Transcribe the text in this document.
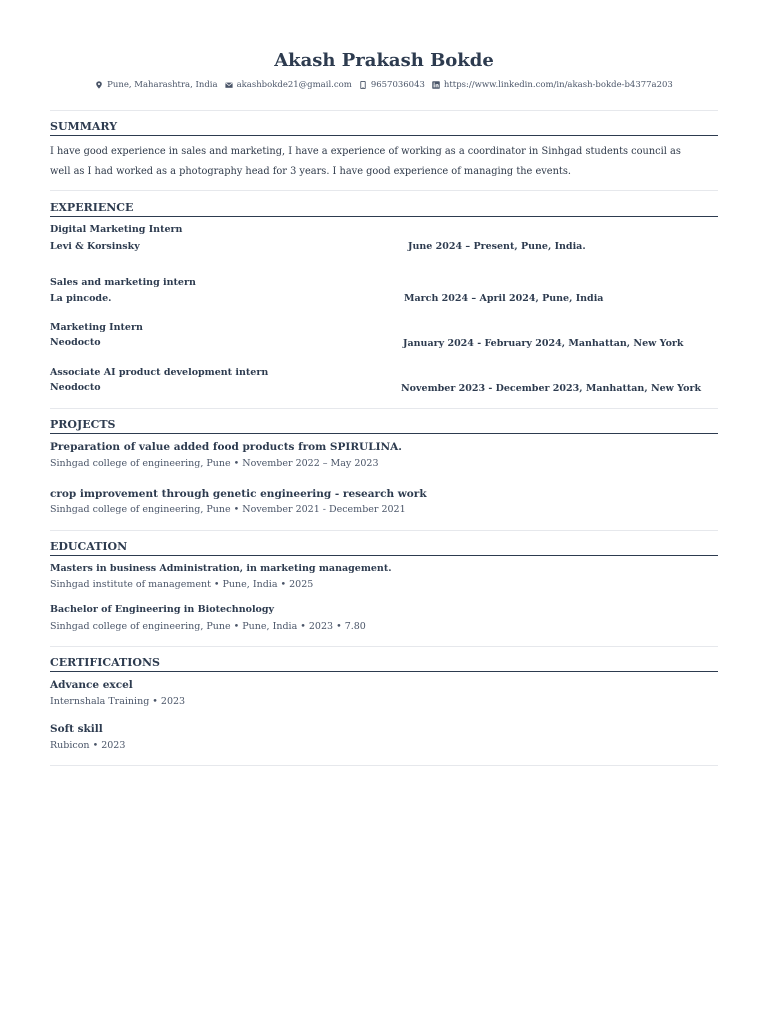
Akash Prakash Bokde
Pune, Maharashtra, India akashbokde21@gmail.com 9657036043 https://www.linkedin.com/in/akash-bokde-b4377a203
SUMMARY

I have good experience in sales and marketing, I have a experience of working as a coordinator in Sinhgad students council as well as I had worked as a photography head for 3 years. I have good experience of managing the events.

EXPERIENCE
Digital Marketing Intern
Levi & Korsinsky	June 2024 – Present, Pune, India.
Sales and marketing intern
La pincode.	March 2024 – April 2024, Pune, India
Marketing Intern
Neodocto	January 2024 - February 2024, Manhattan, New York
Associate AI product development intern
Neodocto	November 2023 - December 2023, Manhattan, New York
PROJECTS
Preparation of value added food products from SPIRULINA.
Sinhgad college of engineering, Pune • November 2022 – May 2023
crop improvement through genetic engineering - research work
Sinhgad college of engineering, Pune • November 2021 - December 2021
EDUCATION
Masters in business Administration, in marketing management.
Sinhgad institute of management • Pune, India • 2025
Bachelor of Engineering in Biotechnology
Sinhgad college of engineering, Pune • Pune, India • 2023 • 7.80
CERTIFICATIONS
Advance excel
Internshala Training • 2023
Soft skill
Rubicon • 2023
